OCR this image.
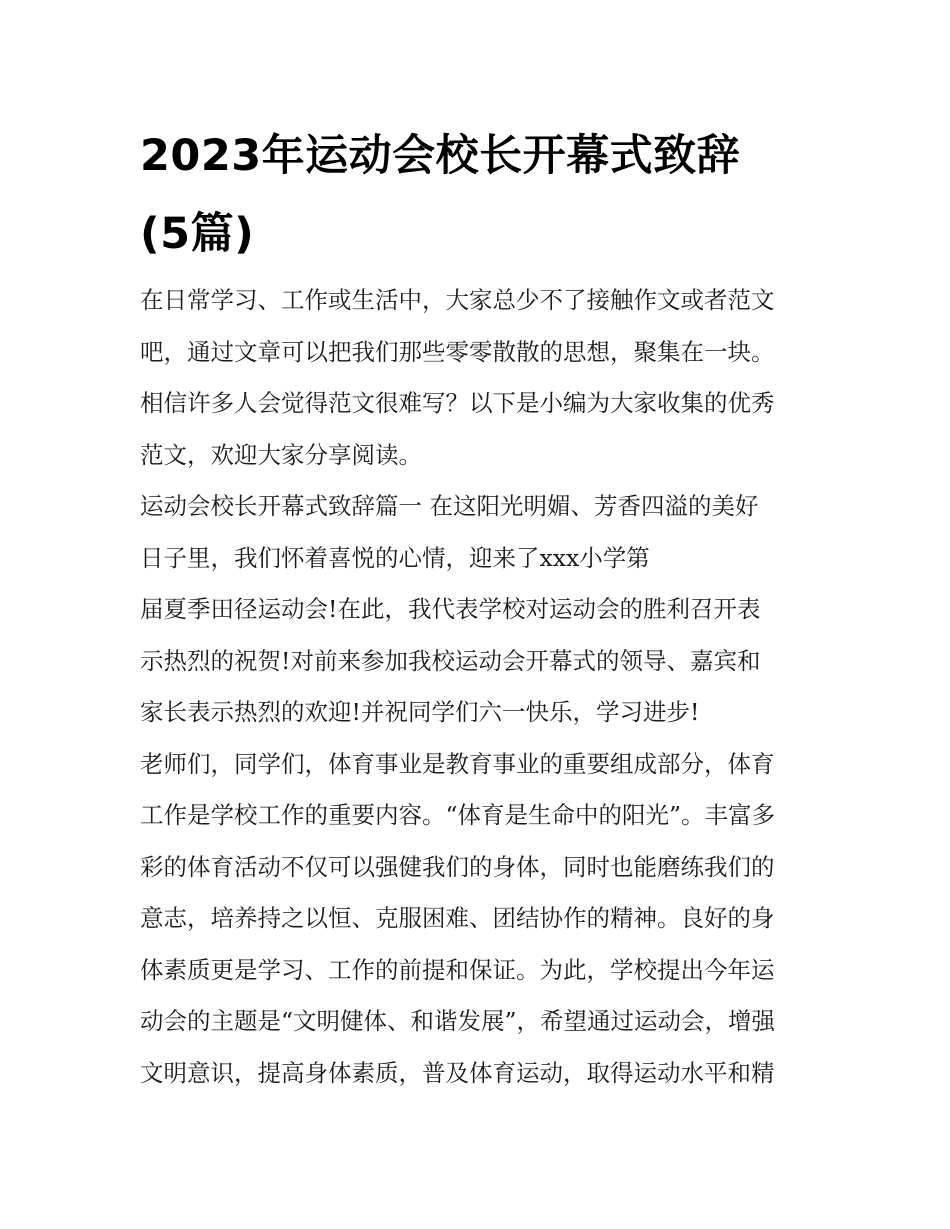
2023年运动会校长开幕式致辞
(5篇)
在日常学习、工作或生活中，大家总少不了接触作文或者范文
吧，通过文章可以把我们那些零零散散的思想，聚集在一块。
相信许多人会觉得范文很难写？以下是小编为大家收集的优秀
范文，欢迎大家分享阅读。
运动会校长开幕式致辞篇一 在这阳光明媚、芳香四溢的美好
日子里，我们怀着喜悦的心情，迎来了xxx小学第
届夏季田径运动会!在此，我代表学校对运动会的胜利召开表
示热烈的祝贺!对前来参加我校运动会开幕式的领导、嘉宾和
家长表示热烈的欢迎!并祝同学们六一快乐，学习进步!
老师们，同学们，体育事业是教育事业的重要组成部分，体育
工作是学校工作的重要内容。“体育是生命中的阳光”。丰富多
彩的体育活动不仅可以强健我们的身体，同时也能磨练我们的
意志，培养持之以恒、克服困难、团结协作的精神。良好的身
体素质更是学习、工作的前提和保证。为此，学校提出今年运
动会的主题是“文明健体、和谐发展”，希望通过运动会，增强
文明意识，提高身体素质，普及体育运动，取得运动水平和精
